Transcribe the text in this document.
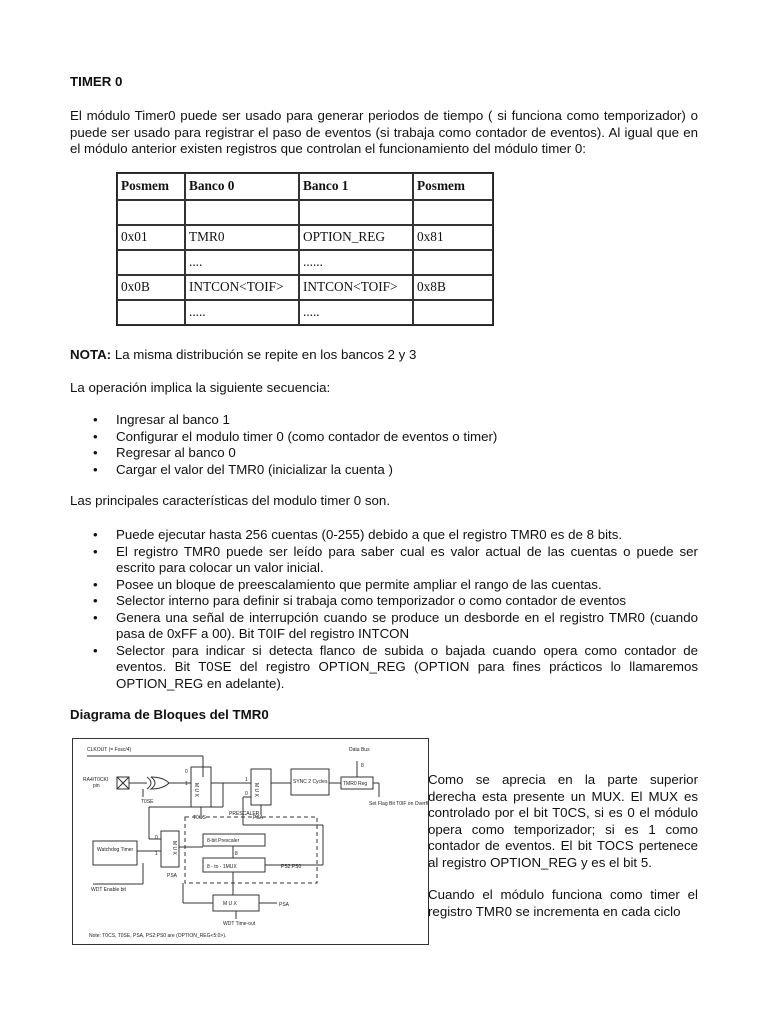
TIMER 0
El módulo Timer0 puede ser usado para generar periodos de tiempo ( si funciona como temporizador) o puede ser usado para registrar el paso de eventos (si trabaja como contador de eventos). Al igual que en el módulo anterior existen registros que controlan el funcionamiento del módulo timer 0:
Posmem	Banco 0	Banco 1	Posmem

0x01	TMR0	OPTION_REG	0x81
	....	......	
0x0B	INTCON<TOIF>	INTCON<TOIF>	0x8B
	.....	.....	
NOTA: La misma distribución se repite en los bancos 2 y 3
La operación implica la siguiente secuencia:
• Ingresar al banco 1
• Configurar el modulo timer 0 (como contador de eventos o timer)
• Regresar al banco 0
• Cargar el valor del TMR0 (inicializar la cuenta )
Las principales características del modulo timer 0 son.
• Puede ejecutar hasta 256 cuentas (0-255) debido a que el registro TMR0 es de 8 bits.
• El registro TMR0 puede ser leído para saber cual es valor actual de las cuentas o puede ser escrito para colocar un valor inicial.
• Posee un bloque de preescalamiento que permite ampliar el rango de las cuentas.
• Selector interno para definir si trabaja como temporizador o como contador de eventos
• Genera una señal de interrupción cuando se produce un desborde en el registro TMR0 (cuando pasa de 0xFF a 00). Bit T0IF del registro INTCON
• Selector para indicar si detecta flanco de subida o bajada cuando opera como contador de eventos. Bit T0SE del registro OPTION_REG (OPTION para fines prácticos lo llamaremos OPTION_REG en adelante).
Diagrama de Bloques del TMR0
CLKOUT (= Fosc/4)
RA4/T0CKI
pin
T0SE
T0CS
M U X	M U X
PSA
SYNC 2 Cycles	TMR0 Reg
Data Bus
8
Set Flag Bit T0IF on Overflow
PRESCALER
8-bit Prescaler
8
8 - to - 1MUX	PS2:PS0
M U X
PSA
Watchdog Timer
WDT Enable bit
M U X	PSA
WDT Time-out
0
1
1
0
0
1
Note: T0CS, T0SE, PSA, PS2:PS0 are (OPTION_REG<5:0>).

Como se aprecia en la parte superior derecha esta presente un MUX. El MUX es controlado por el bit T0CS, si es 0 el módulo opera como temporizador; si es 1 como contador de eventos. El bit TOCS pertenece al registro OPTION_REG y es el bit 5.

Cuando el módulo funciona como timer el registro TMR0 se incrementa en cada ciclo
